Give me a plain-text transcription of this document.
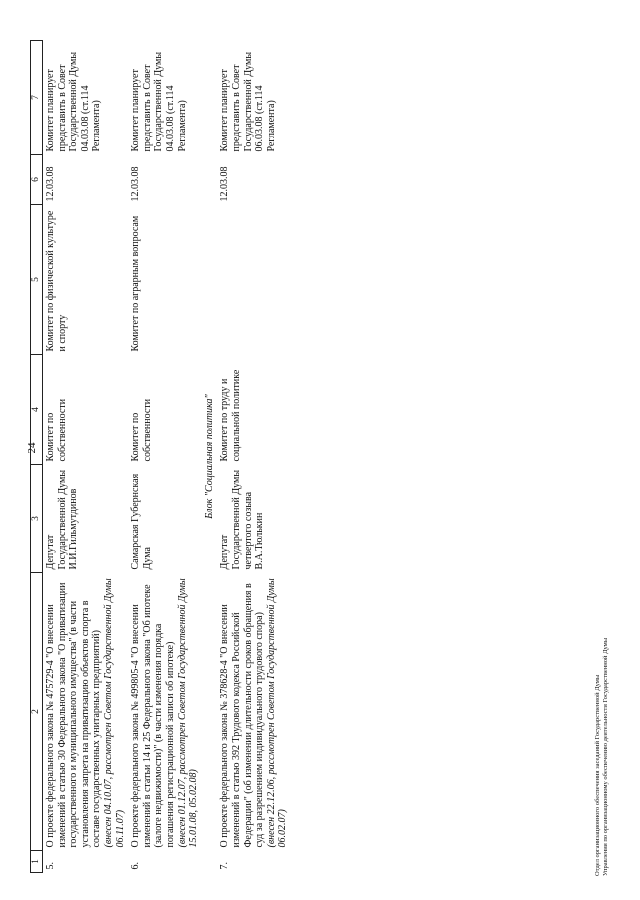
24
1	2	3	4	5	6	7
5.	О проекте федерального закона № 475729-4 "О внесении изменений в статью 30 Федерального закона "О приватизации государственного и муниципального имущества" (в части установления запрета на приватизацию объектов спорта в составе государственных унитарных предприятий) (внесен 04.10.07, рассмотрен Советом Государственной Думы 06.11.07)	Депутат Государственной Думы И.И.Гильмутдинов	Комитет по собственности	Комитет по физической культуре и спорту	12.03.08	Комитет планирует представить в Совет Государственной Думы 04.03.08 (ст.114 Регламента)
6.	О проекте федерального закона № 499805-4 "О внесении изменений в статьи 14 и 25 Федерального закона "Об ипотеке (залоге недвижимости)" (в части изменения порядка погашения регистрационной записи об ипотеке) (внесен 01.12.07, рассмотрен Советом Государственной Думы 15.01.08, 05.02.08)	Самарская Губернская Дума	Комитет по собственности	Комитет по аграрным вопросам	12.03.08	Комитет планирует представить в Совет Государственной Думы 04.03.08 (ст.114 Регламента)
Блок "Социальная политика"						
7.	О проекте федерального закона № 378628-4 "О внесении изменений в статью 392 Трудового кодекса Российской Федерации" (об изменении длительности сроков обращения в суд за разрешением индивидуального трудового спора) (внесен 22.12.06, рассмотрен Советом Государственной Думы 06.02.07)	Депутат Государственной Думы четвертого созыва В.А.Тюлькин	Комитет по труду и социальной политике		12.03.08	Комитет планирует представить в Совет Государственной Думы 06.03.08 (ст.114 Регламента)
Отдел организационного обеспечения заседаний Государственной Думы Управления по организационному обеспечению деятельности Государственной Думы
